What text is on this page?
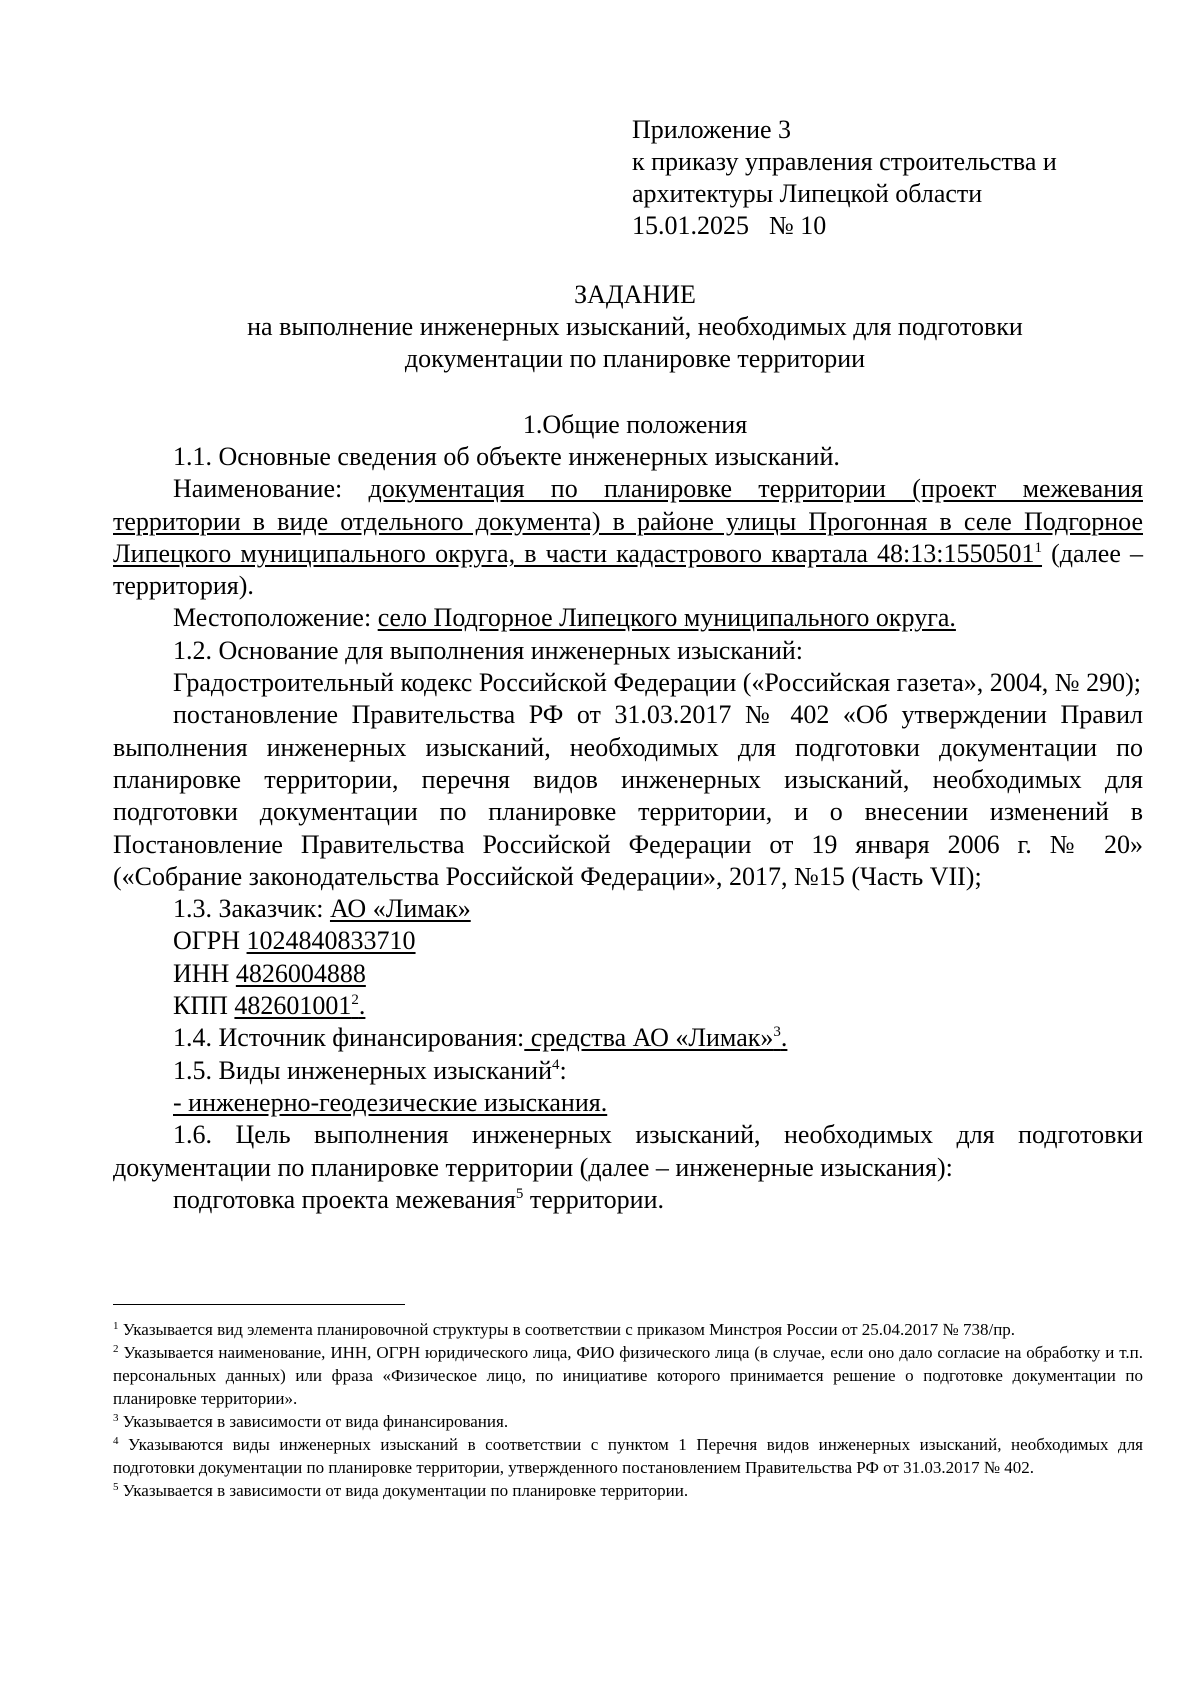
Приложение 3
к приказу управления строительства и
архитектуры Липецкой области
15.01.2025 № 10
ЗАДАНИЕ
на выполнение инженерных изысканий, необходимых для подготовки
документации по планировке территории
1.Общие положения

1.1. Основные сведения об объекте инженерных изысканий.

Наименование: документация по планировке территории (проект межевания территории в виде отдельного документа) в районе улицы Прогонная в селе Подгорное Липецкого муниципального округа, в части кадастрового квартала 48:13:1550501$^1$ (далее – территория).

Местоположение: село Подгорное Липецкого муниципального округа.

1.2. Основание для выполнения инженерных изысканий:

Градостроительный кодекс Российской Федерации («Российская газета», 2004, № 290);

постановление Правительства РФ от 31.03.2017 № 402 «Об утверждении Правил выполнения инженерных изысканий, необходимых для подготовки документации по планировке территории, перечня видов инженерных изысканий, необходимых для подготовки документации по планировке территории, и о внесении изменений в Постановление Правительства Российской Федерации от 19 января 2006 г. № 20» («Собрание законодательства Российской Федерации», 2017, №15 (Часть VII);

1.3. Заказчик: АО «Лимак»

ОГРН 1024840833710

ИНН 4826004888

КПП 482601001$^2$.

1.4. Источник финансирования: средства АО «Лимак»$^3$.

1.5. Виды инженерных изысканий$^4$:

- инженерно-геодезические изыскания.

1.6. Цель выполнения инженерных изысканий, необходимых для подготовки документации по планировке территории (далее – инженерные изыскания):

подготовка проекта межевания$^5$ территории.

$^1$ Указывается вид элемента планировочной структуры в соответствии с приказом Минстроя России от 25.04.2017 № 738/пр.

$^2$ Указывается наименование, ИНН, ОГРН юридического лица, ФИО физического лица (в случае, если оно дало согласие на обработку и т.п. персональных данных) или фраза «Физическое лицо, по инициативе которого принимается решение о подготовке документации по планировке территории».

$^3$ Указывается в зависимости от вида финансирования.

$^4$ Указываются виды инженерных изысканий в соответствии с пунктом 1 Перечня видов инженерных изысканий, необходимых для подготовки документации по планировке территории, утвержденного постановлением Правительства РФ от 31.03.2017 № 402.

$^5$ Указывается в зависимости от вида документации по планировке территории.
